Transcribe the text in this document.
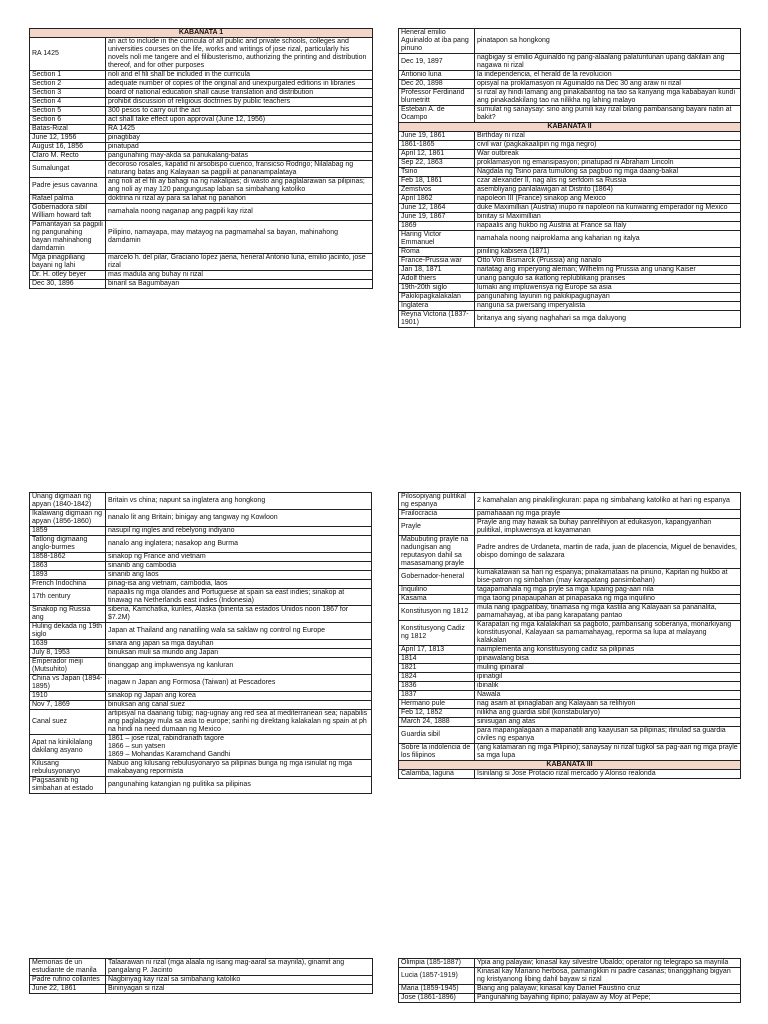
KABANATA 1	
RA 1425	an act to include in the curricula of all public and private schools, colleges and universities courses on the life, works and writings of jose rizal, particularly his novels noli me tangere and el filibusterismo, authorizing the printing and distribution thereof, and for other purposes
Section 1	noli and el fili shall be included in the curricula
Section 2	adequate number of copies of the original and unexpurgated editions in libraries
Section 3	board of national education shall cause translation and distribution
Section 4	prohibit discussion of religious doctrines by public teachers
Section 5	300 pesos to carry out the act
Section 6	act shall take effect upon approval (June 12, 1956)
Batas-Rizal	RA 1425
June 12, 1956	pinagtibay
August 16, 1856	pinatupad
Claro M. Recto	pangunahing may-akda sa panukalang-batas
Sumalungat	decoroso rosales, kapatid ni arsobispo cuenco, fransicso Rodrigo; Nilalabag ng naturang batas ang Kalayaan sa pagpili at pananampalataya
Padre jesus cavanna	ang noli at el fili ay bahagi na ng nakalipas; di wasto ang paglalarawan sa pilipinas; ang noli ay may 120 pangungusap laban sa simbahang katoliko
Rafael palma	doktrina ni rizal ay para sa lahat ng panahon
Gobernadora sibil William howard taft	namahala noong naganap ang pagpili kay rizal
Pamantayan sa pagpili ng pangunahing bayan mahinahong damdamin	Pilipino, namayapa, may matayog na pagmamahal sa bayan, mahinahong damdamin
Mga pinagpiliang bayani ng lahi	marcelo h. del pilar, Graciano lopez jaena, heneral Antonio luna, emilio jacinto, jose rizal
Dr. H. otley beyer	mas madula ang buhay ni rizal
Dec 30, 1896	binaril sa Bagumbayan
Heneral emilio Aguinaldo at iba pang pinuno	pinatapon sa hongkong
Dec 19, 1897	nagbigay si emilio Aguinaldo ng pang-alaalang palatuntunan upang dakilain ang nagawa ni rizal
Antionio luna	la independencia, el herald de la revolucion
Dec 20, 1898	opisyal na proklamasyon ni Aguinaldo na Dec 30 ang araw ni rizal
Professor Ferdinand blumetritt	si rizal ay hindi lamang ang pinakabantog na tao sa kanyang mga kababayan kundi ang pinakadakilang tao na nilikha ng lahing malayo
Esteban A. de Ocampo	sumulat ng sanaysay: sino ang pumili kay rizal bilang pambansang bayani natin at bakit?
KABANATA II	
June 19, 1861	Birthday ni rizal
1861-1865	civil war (pagkakaalipin ng mga negro)
April 12, 1861	War outbreak
Sep 22, 1863	proklamasyon ng emansipasyon; pinatupad ni Abraham Lincoln
Tsino	Nagdala ng Tsino para tumulong sa pagbuo ng mga daang-bakal
Feb 18, 1861	czar alexander II, nag alis ng serfdom sa Russia
Zemstvos	asembliyang panlalawigan at Distrito (1864)
April 1862	napoleon III (France) sinakop ang Mexico
June 12, 1864	duke Maximillian (Austria) inupo ni napoleon na kunwaring emperador ng Mexico
June 19, 1867	binitay si Maximillian
1869	napaalis ang hukbo ng Austria at France sa Italy
Haring Victor Emmanuel	namahala noong naiproklama ang kaharian ng italya
Roma	piniling kabisera (1871)
France-Prussia war	Otto Von Bismarck (Prussia) ang nanalo
Jan 18, 1871	naitatag ang imperyong aleman; Wilhelm ng Prussia ang unang Kaiser
Adolf thiers	unang pangulo sa ikatlong replublikang pranses
19th-20th siglo	lumaki ang impluwensya ng Europe sa asia
Pakikipagkalakalan	pangunahing layunin ng pakikipagugnayan
Inglatera	nanguna sa pwersang imperyalista
Reyna Victoria (1837-1901)	britanya ang siyang naghahari sa mga daluyong
Unang digmaan ng apyan (1840-1842)	Britain vs china; napunt sa inglatera ang hongkong
Ikalawang digmaan ng apyan (1856-1860)	nanalo lit ang Britain; binigay ang tangway ng Kowloon
1859	nasupil ng ingles and rebelyong indiyano
Tatlong digmaang anglo-burmes	nanalo ang inglatera; nasakop ang Burma
1858-1862	sinakop ng France and vietnam
1863	sinanib ang cambodia
1893	sinanib ang laos
French Indochina	pinag-isa ang vietnam, cambodia, laos
17th century	napaalis ng mga olandes and Portuguese at spain sa east indies; sinakop at tinawag na Netherlands east indies (Indonesia)
Sinakop ng Russia ang	siberia, Kamchatka, kuriles, Alaska (binenta sa estados Unidos noon 1867 for $7.2M)
Huling dekada ng 19th siglo	Japan at Thailand ang nanatiling wala sa saklaw ng control ng Europe
1639	sinara ang japan sa mga dayuhan
July 8, 1953	binuksan muli sa mundo ang Japan
Emperador meiji (Mutsuhito)	tinanggap ang impluwensya ng kanluran
China vs Japan (1894-1895)	inagaw n Japan ang Formosa (Taiwan) at Pescadores
1910	sinakop ng Japan ang korea
Nov 7, 1869	binuksan ang canal suez
Canal suez	artipisyal na daanang tubig; nag-ugnay ang red sea at mediterranean sea; napabilis ang paglalagay mula sa asia to europe; sanhi ng direktang kalakalan ng spain at ph na hindi na need dumaan ng Mexico
Apat na kinikilalang dakilang asyano	1861 – jose rizal, rabindranath tagore
1866 – sun yatsen
1869 – Mohandas Karamchand Gandhi
Kilusang rebulusyonaryo	Nabuo ang kilusang rebulusyonaryo sa pilipinas bunga ng mga isinulat ng mga makabayang repormista
Pagsasanib ng simbahan at estado	pangunahing katangian ng pulitika sa pilipinas
Pilosopiyang pulitikal ng espanya	2 kamahalan ang pinakilingkuran: papa ng simbahang katoliko at hari ng espanya
Frailocracia	pamahaaan ng mga prayle
Prayle	Prayle ang may hawak sa buhay panrelihiyon at edukasyon, kapangyarihan pulitikal, impluwensya at kayamanan
Mabubuting prayle na nadungisan ang reputasyon dahil sa masasamang prayle	Padre andres de Urdaneta, martin de rada, juan de placencia, Miguel de benavides, obispo domingo de salazara
Gobernador-heneral	kumakatawan sa hari ng espanya; pinakamataas na pinuno, Kapitan ng hukbo at bise-patron ng simbahan (may karapatang pansimbahan)
Inquilino	tagapamahala ng mga pryle sa mga lupaing pag-aari nila
Kasama	mga taong pinapaupahan at pinapasaka ng mga inquilino
Konstitusyon ng 1812	mula nang ipagpatibay, tinamasa ng mga kastila ang Kalayaan sa pananalita, pamamahayag, at iba pang karapatang pantao
Konstitusyong Cadiz ng 1812	Karapatan ng mga kalalakihan sa pagboto, pambansang soberanya, monarkiyang konstitusyonal, Kalayaan sa pamamahayag, reporma sa lupa at malayang kalakalan
April 17, 1813	naimplementa ang konstitusyong cadiz sa pilipinas
1814	ipinawalang bisa
1821	muling ipinairal
1824	ipinatigil
1836	ibinalik
1837	Nawala
Hermano pule	nag asam at ipinaglaban ang Kalayaan sa relihiyon
Feb 12, 1852	nilikha ang guardia sibil (konstabularyo)
March 24, 1888	sinisugan ang atas
Guardia sibil	para mapangalagaan a mapanatili ang kaayusan sa pilipinas; itinulad sa guardia civiles ng espanya
Sobre la indolencia de los filipinos	(ang katamaran ng mga Pilipino); sanaysay ni rizal tugkol sa pag-aari ng mga prayle sa mga lupa
KABANATA III	
Calamba, laguna	Isinilang si Jose Protacio rizal mercado y Alonso realonda
Memorias de un estudiante de manila	Talaarawan ni rizal (mga alaala ng isang mag-aaral sa maynila), ginamit ang pangalang P. Jacinto
Padre rufino collantes	Nagbinyag kay rizal sa simbahang katoliko
June 22, 1861	Bininyagan si rizal
Olimpia (185-1887)	Ypia ang palayaw; kinasal kay silvestre Ubaldo; operator ng telegrapo sa maynila
Lucia (1857-1919)	Kinasal kay Mariano herbosa, pamangkkin ni padre casanas; tinanggihang bigyan ng kristyanong libing dahil bayaw si rizal
Maria (1859-1945)	Biang ang palayaw; kinasal kay Daniel Faustino cruz
Jose (1861-1896)	Pangunahing bayahing ilipino; palayaw ay Moy at Pepe;
